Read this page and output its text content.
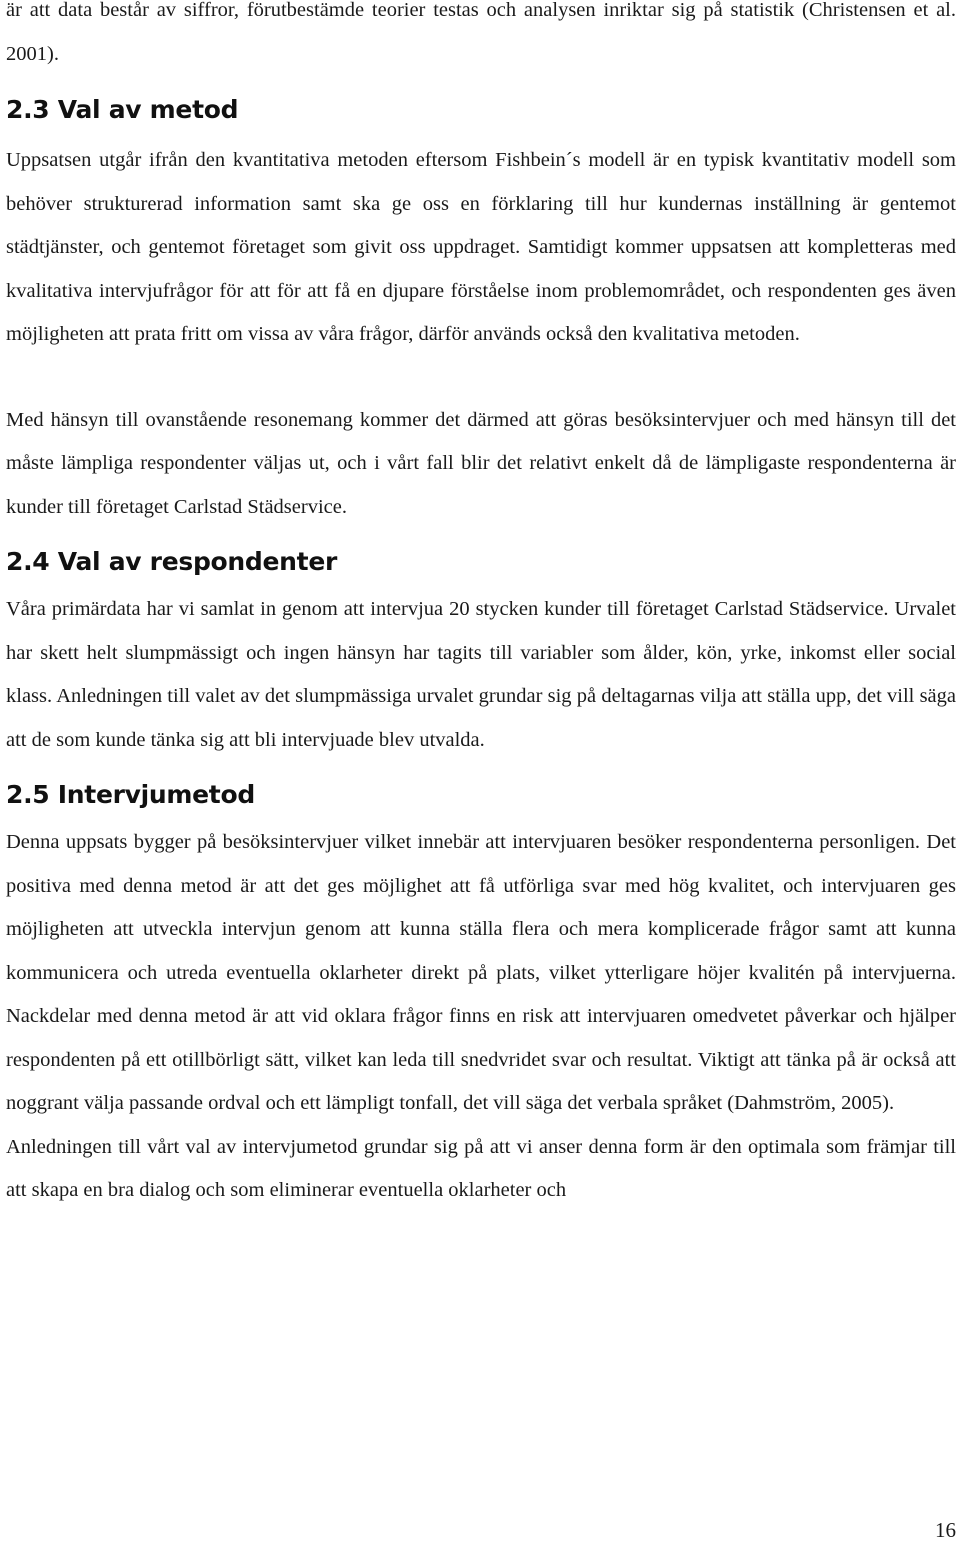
är att data består av siffror, förutbestämde teorier testas och analysen inriktar sig på statistik (Christensen et al. 2001).

2.3 Val av metod

Uppsatsen utgår ifrån den kvantitativa metoden eftersom Fishbein´s modell är en typisk kvantitativ modell som behöver strukturerad information samt ska ge oss en förklaring till hur kundernas inställning är gentemot städtjänster, och gentemot företaget som givit oss uppdraget. Samtidigt kommer uppsatsen att kompletteras med kvalitativa intervjufrågor för att för att få en djupare förståelse inom problemområdet, och respondenten ges även möjligheten att prata fritt om vissa av våra frågor, därför används också den kvalitativa metoden.

Med hänsyn till ovanstående resonemang kommer det därmed att göras besöksintervjuer och med hänsyn till det måste lämpliga respondenter väljas ut, och i vårt fall blir det relativt enkelt då de lämpligaste respondenterna är kunder till företaget Carlstad Städservice.

2.4 Val av respondenter

Våra primärdata har vi samlat in genom att intervjua 20 stycken kunder till företaget Carlstad Städservice. Urvalet har skett helt slumpmässigt och ingen hänsyn har tagits till variabler som ålder, kön, yrke, inkomst eller social klass. Anledningen till valet av det slumpmässiga urvalet grundar sig på deltagarnas vilja att ställa upp, det vill säga att de som kunde tänka sig att bli intervjuade blev utvalda.

2.5 Intervjumetod

Denna uppsats bygger på besöksintervjuer vilket innebär att intervjuaren besöker respondenterna personligen. Det positiva med denna metod är att det ges möjlighet att få utförliga svar med hög kvalitet, och intervjuaren ges möjligheten att utveckla intervjun genom att kunna ställa flera och mera komplicerade frågor samt att kunna kommunicera och utreda eventuella oklarheter direkt på plats, vilket ytterligare höjer kvalitén på intervjuerna. Nackdelar med denna metod är att vid oklara frågor finns en risk att intervjuaren omedvetet påverkar och hjälper respondenten på ett otillbörligt sätt, vilket kan leda till snedvridet svar och resultat. Viktigt att tänka på är också att noggrant välja passande ordval och ett lämpligt tonfall, det vill säga det verbala språket (Dahmström, 2005).

Anledningen till vårt val av intervjumetod grundar sig på att vi anser denna form är den optimala som främjar till att skapa en bra dialog och som eliminerar eventuella oklarheter och

16
